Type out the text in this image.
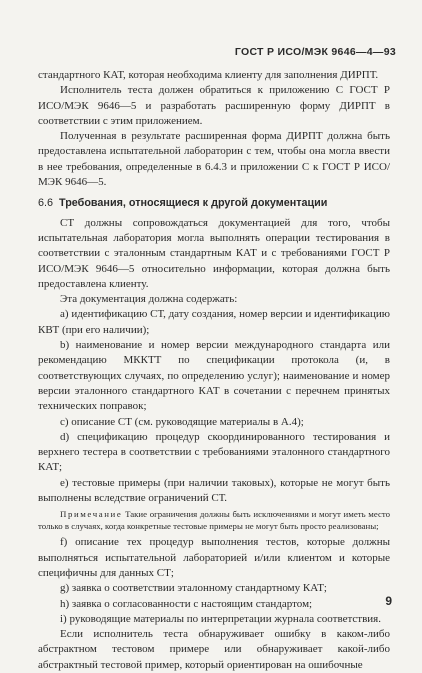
ГОСТ Р ИСО/МЭК 9646—4—93

стандартного КАТ, которая необходима клиенту для заполнения ДИРПТ.

Исполнитель теста должен обратиться к приложению С ГОСТ Р ИСО/МЭК 9646—5 и разработать расширенную форму ДИРПТ в соответствии с этим приложением.

Полученная в результате расширенная форма ДИРПТ должна быть предоставлена испытательной лабораторин с тем, чтобы она могла ввести в нее требования, определенные в 6.4.3 и приложении С к ГОСТ Р ИСО/МЭК 9646—5.

6.6 Требования, относящиеся к другой документации

СТ должны сопровождаться документацией для того, чтобы испытательная лаборатория могла выполнять операции тестирования в соответствии с эталонным стандартным КАТ и с требованиями ГОСТ Р ИСО/МЭК 9646—5 относительно информации, которая должна быть предоставлена клиенту.

Эта документация должна содержать:

а) идентификацию СТ, дату создания, номер версии и идентификацию КВТ (при его наличии);

b) наименование и номер версии международного стандарта или рекомендацию МККТТ по спецификации протокола (и, в соответствующих случаях, по определению услуг); наименование и номер версии эталонного стандартного КАТ в сочетании с перечнем принятых технических поправок;

с) описание СТ (см. руководящие материалы в А.4);

d) спецификацию процедур скоординированного тестирования и верхнего тестера в соответствии с требованиями эталонного стандартного КАТ;

е) тестовые примеры (при наличии таковых), которые не могут быть выполнены вследствие ограничений СТ.

Примечание Такие ограничения должны быть исключениями и могут иметь место только в случаях, когда конкретные тестовые примеры не могут быть просто реализованы;

f) описание тех процедур выполнения тестов, которые должны выполняться испытательной лабораторией и/или клиентом и которые специфичны для данных СТ;

g) заявка о соответствии эталонному стандартному КАТ;

h) заявка о согласованности с настоящим стандартом;

i) руководящие материалы по интерпретации журнала соответствия.

Если исполнитель теста обнаруживает ошибку в каком-либо абстрактном тестовом примере или обнаруживает какой-либо абстрактный тестовой пример, который ориентирован на ошибочные

9
